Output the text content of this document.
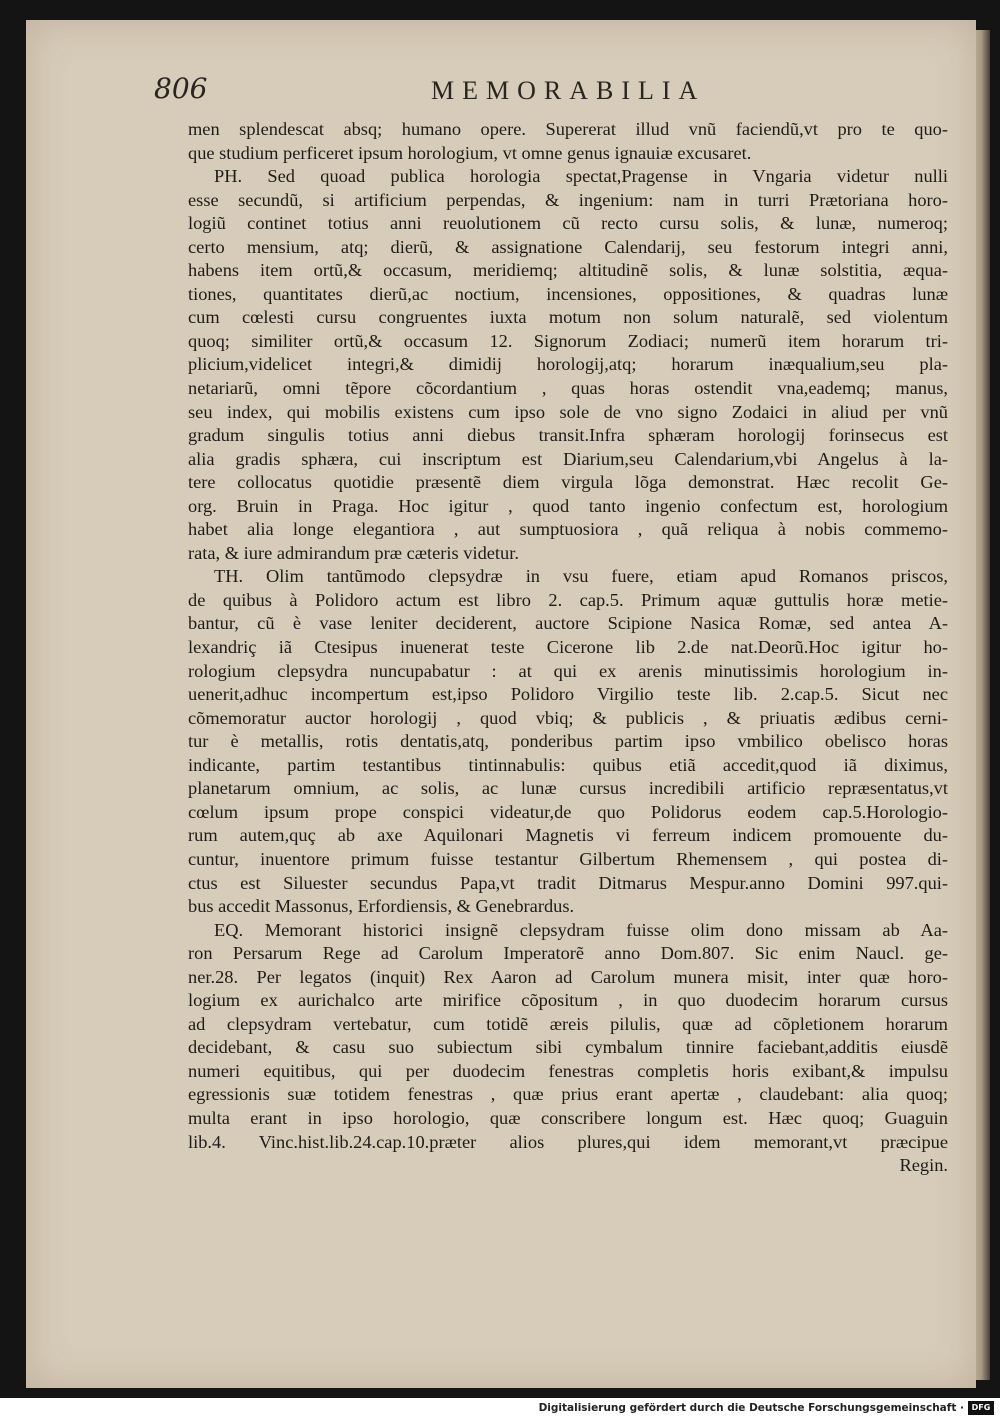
806	MEMORABILIA
men splendescat absq; humano opere. Supererat illud vnũ faciendũ,vt pro te quo-
que studium perficeret ipsum horologium, vt omne genus ignauiæ excusaret.
PH. Sed quoad publica horologia spectat,Pragense in Vngaria videtur nulli
esse secundũ, si artificium perpendas, & ingenium: nam in turri Prætoriana horo-
logiũ continet totius anni reuolutionem cũ recto cursu solis, & lunæ, numeroq;
certo mensium, atq; dierũ, & assignatione Calendarij, seu festorum integri anni,
habens item ortũ,& occasum, meridiemq; altitudinẽ solis, & lunæ solstitia, æqua-
tiones, quantitates dierũ,ac noctium, incensiones, oppositiones, & quadras lunæ
cum cœlesti cursu congruentes iuxta motum non solum naturalẽ, sed violentum
quoq; similiter ortũ,& occasum 12. Signorum Zodiaci; numerũ item horarum tri-
plicium,videlicet integri,& dimidij horologij,atq; horarum inæqualium,seu pla-
netariarũ, omni tẽpore cõcordantium , quas horas ostendit vna,eademq; manus,
seu index, qui mobilis existens cum ipso sole de vno signo Zodaici in aliud per vnũ
gradum singulis totius anni diebus transit.Infra sphæram horologij forinsecus est
alia gradis sphæra, cui inscriptum est Diarium,seu Calendarium,vbi Angelus à la-
tere collocatus quotidie præsentẽ diem virgula lõga demonstrat. Hæc recolit Ge-
org. Bruin in Praga. Hoc igitur , quod tanto ingenio confectum est, horologium
habet alia longe elegantiora , aut sumptuosiora , quã reliqua à nobis commemo-
rata, & iure admirandum præ cæteris videtur.
TH. Olim tantũmodo clepsydræ in vsu fuere, etiam apud Romanos priscos,
de quibus à Polidoro actum est libro 2. cap.5. Primum aquæ guttulis horæ metie-
bantur, cũ è vase leniter deciderent, auctore Scipione Nasica Romæ, sed antea A-
lexandriç iã Ctesipus inuenerat teste Cicerone lib 2.de nat.Deorũ.Hoc igitur ho-
rologium clepsydra nuncupabatur : at qui ex arenis minutissimis horologium in-
uenerit,adhuc incompertum est,ipso Polidoro Virgilio teste lib. 2.cap.5. Sicut nec
cõmemoratur auctor horologij , quod vbiq; & publicis , & priuatis ædibus cerni-
tur è metallis, rotis dentatis,atq, ponderibus partim ipso vmbilico obelisco horas
indicante, partim testantibus tintinnabulis: quibus etiã accedit,quod iã diximus,
planetarum omnium, ac solis, ac lunæ cursus incredibili artificio repræsentatus,vt
cœlum ipsum prope conspici videatur,de quo Polidorus eodem cap.5.Horologio-
rum autem,quç ab axe Aquilonari Magnetis vi ferreum indicem promouente du-
cuntur, inuentore primum fuisse testantur Gilbertum Rhemensem , qui postea di-
ctus est Siluester secundus Papa,vt tradit Ditmarus Mespur.anno Domini 997.qui-
bus accedit Massonus, Erfordiensis, & Genebrardus.
EQ. Memorant historici insignẽ clepsydram fuisse olim dono missam ab Aa-
ron Persarum Rege ad Carolum Imperatorẽ anno Dom.807. Sic enim Naucl. ge-
ner.28. Per legatos (inquit) Rex Aaron ad Carolum munera misit, inter quæ horo-
logium ex aurichalco arte mirifice cõpositum , in quo duodecim horarum cursus
ad clepsydram vertebatur, cum totidẽ æreis pilulis, quæ ad cõpletionem horarum
decidebant, & casu suo subiectum sibi cymbalum tinnire faciebant,additis eiusdẽ
numeri equitibus, qui per duodecim fenestras completis horis exibant,& impulsu
egressionis suæ totidem fenestras , quæ prius erant apertæ , claudebant: alia quoq;
multa erant in ipso horologio, quæ conscribere longum est. Hæc quoq; Guaguin
lib.4. Vinc.hist.lib.24.cap.10.præter alios plures,qui idem memorant,vt præcipue
Regin.
Digitalisierung gefördert durch die Deutsche Forschungsgemeinschaft · DFG
